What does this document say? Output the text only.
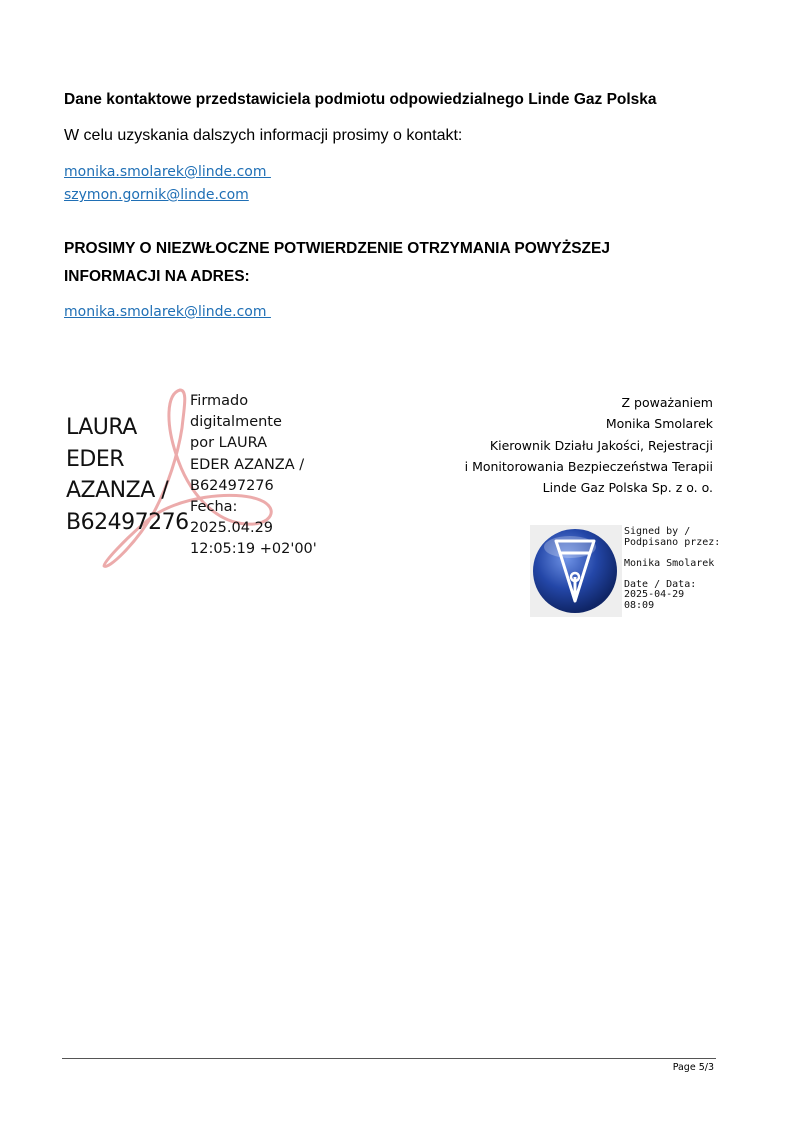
Dane kontaktowe przedstawiciela podmiotu odpowiedzialnego Linde Gaz Polska
W celu uzyskania dalszych informacji prosimy o kontakt:
monika.smolarek@linde.com
szymon.gornik@linde.com
PROSIMY O NIEZWŁOCZNE POTWIERDZENIE OTRZYMANIA POWYŻSZEJ
INFORMACJI NA ADRES:
monika.smolarek@linde.com
LAURA
EDER
AZANZA /
B62497276
Firmado
digitalmente
por LAURA
EDER AZANZA /
B62497276
Fecha:
2025.04.29
12:05:19 +02'00'
Z poważaniem
Monika Smolarek
Kierownik Działu Jakości, Rejestracji
i Monitorowania Bezpieczeństwa Terapii
Linde Gaz Polska Sp. z o. o.
Signed by /
Podpisano przez:
Monika Smolarek
Date / Data:
2025-04-29
08:09
Page 5/3
